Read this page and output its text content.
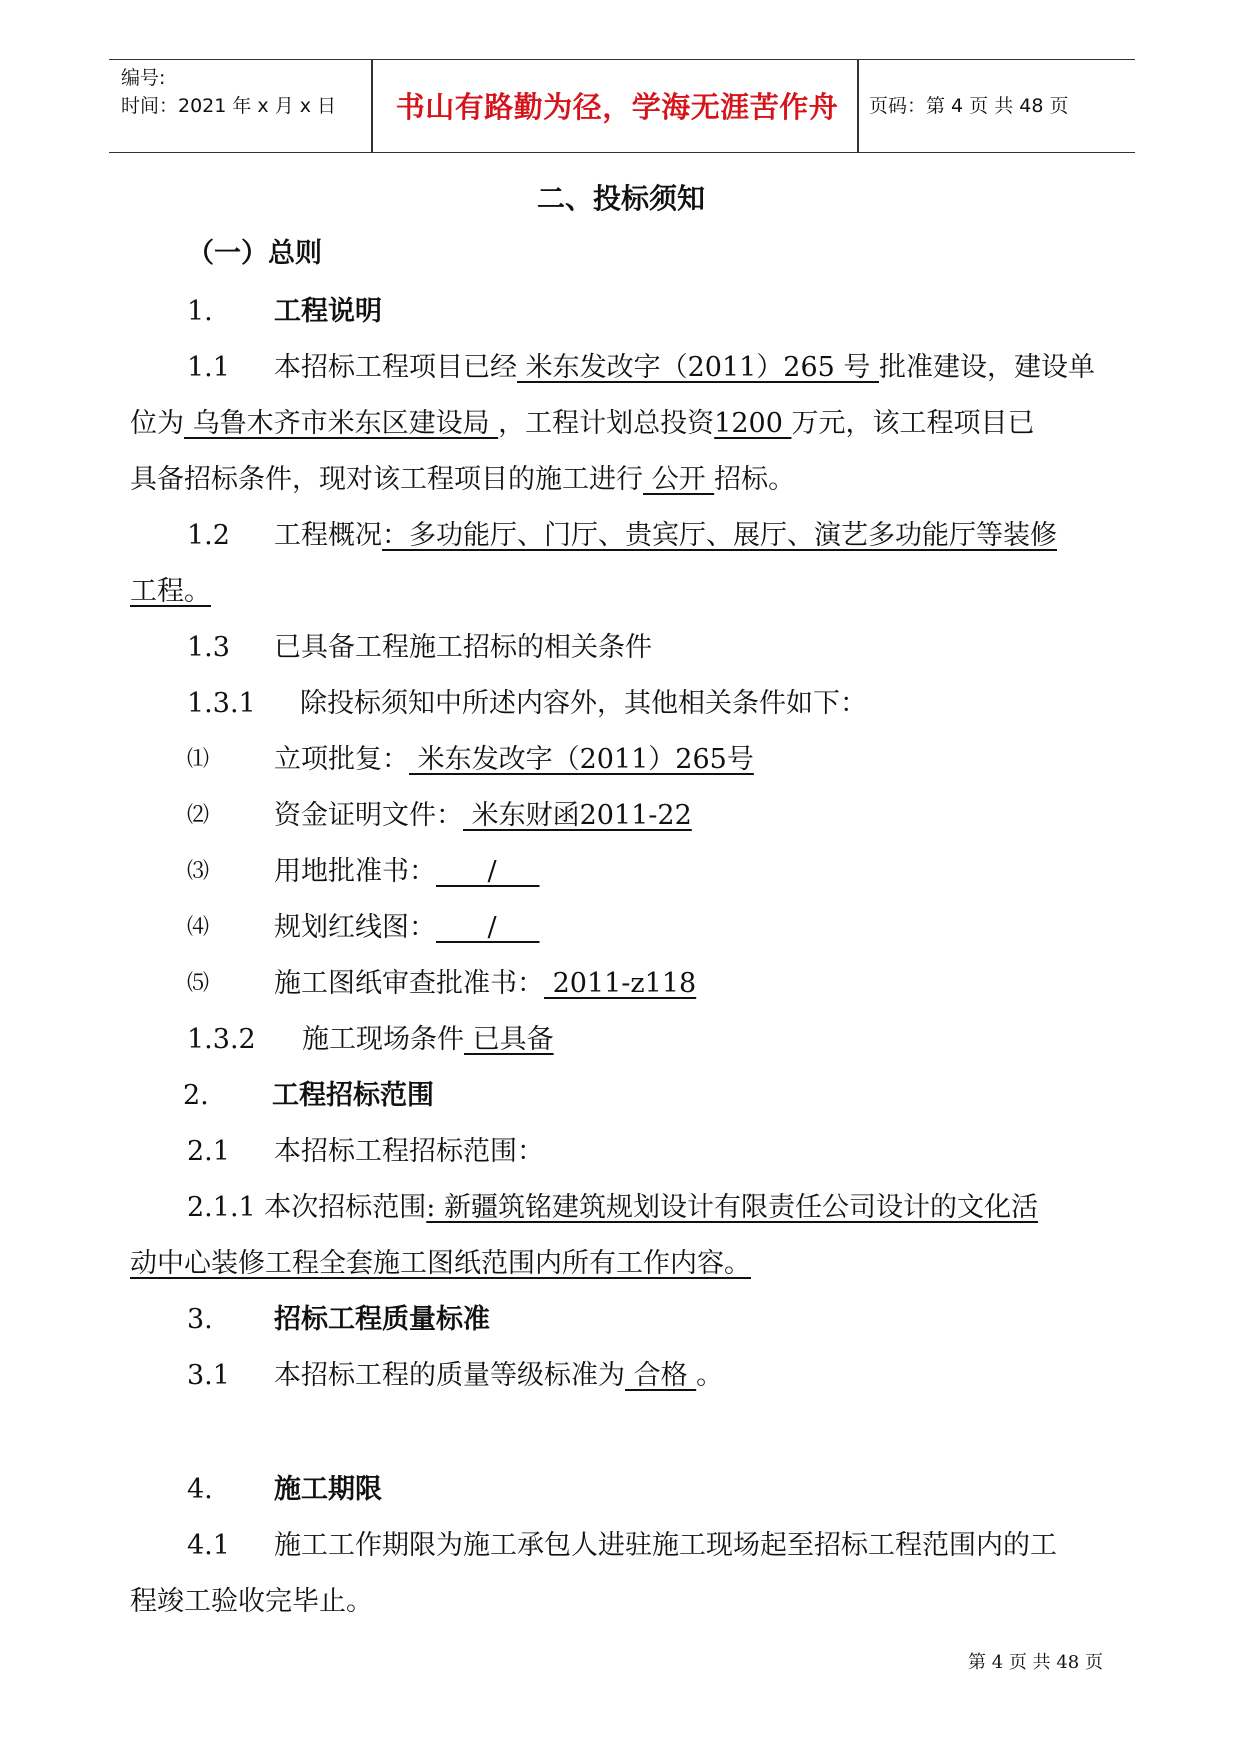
编号:
时间：2021 年 x 月 x 日	书山有路勤为径，学海无涯苦作舟	页码：第 4 页 共 48 页
二、投标须知
（一）总则
1. 工程说明
1.1 本招标工程项目已经 米东发改字（2011）265 号 批准建设，建设单
位为 乌鲁木齐市米东区建设局 ，工程计划总投资1200 万元，该工程项目已
具备招标条件，现对该工程项目的施工进行 公开 招标。
1.2 工程概况：多功能厅、门厅、贵宾厅、展厅、演艺多功能厅等装修
工程。
1.3 已具备工程施工招标的相关条件
1.3.1 除投标须知中所述内容外，其他相关条件如下：
⑴ 立项批复： 米东发改字（2011）265号
⑵ 资金证明文件： 米东财函2011-22
⑶ 用地批准书：      /
⑷ 规划红线图：      /
⑸ 施工图纸审查批准书： 2011-z118
1.3.2 施工现场条件 已具备
2. 工程招标范围
2.1 本招标工程招标范围：
2.1.1 本次招标范围: 新疆筑铭建筑规划设计有限责任公司设计的文化活
动中心装修工程全套施工图纸范围内所有工作内容。
3. 招标工程质量标准
3.1 本招标工程的质量等级标准为 合格 。
4. 施工期限
4.1 施工工作期限为施工承包人进驻施工现场起至招标工程范围内的工
程竣工验收完毕止。
第 4 页 共 48 页
